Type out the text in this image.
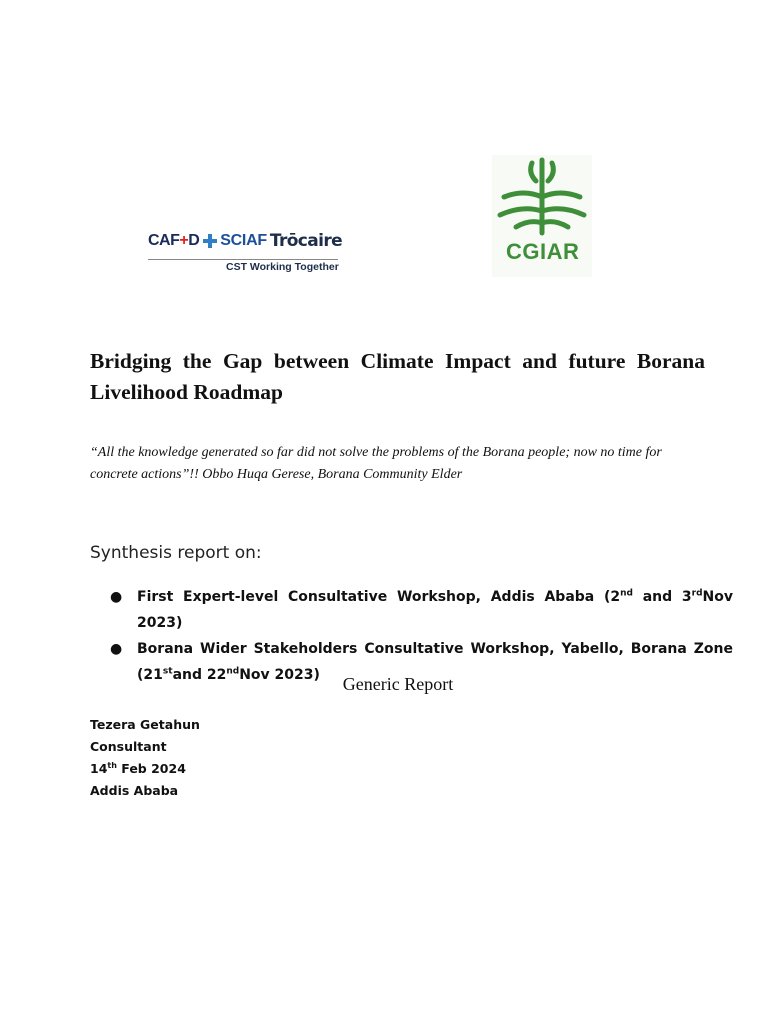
CAF+D	SCIAF Trōcaire
CST Working Together
CGIAR
Bridging the Gap between Climate Impact and future Borana Livelihood Roadmap
“All the knowledge generated so far did not solve the problems of the Borana people; now no time for concrete actions”!! Obbo Huqa Gerese, Borana Community Elder
Synthesis report on:
● First Expert-level Consultative Workshop, Addis Ababa (2nd and 3rdNov 2023)
● Borana Wider Stakeholders Consultative Workshop, Yabello, Borana Zone (21stand 22ndNov 2023)	Generic Report
Tezera Getahun
Consultant
14th Feb 2024
Addis Ababa
